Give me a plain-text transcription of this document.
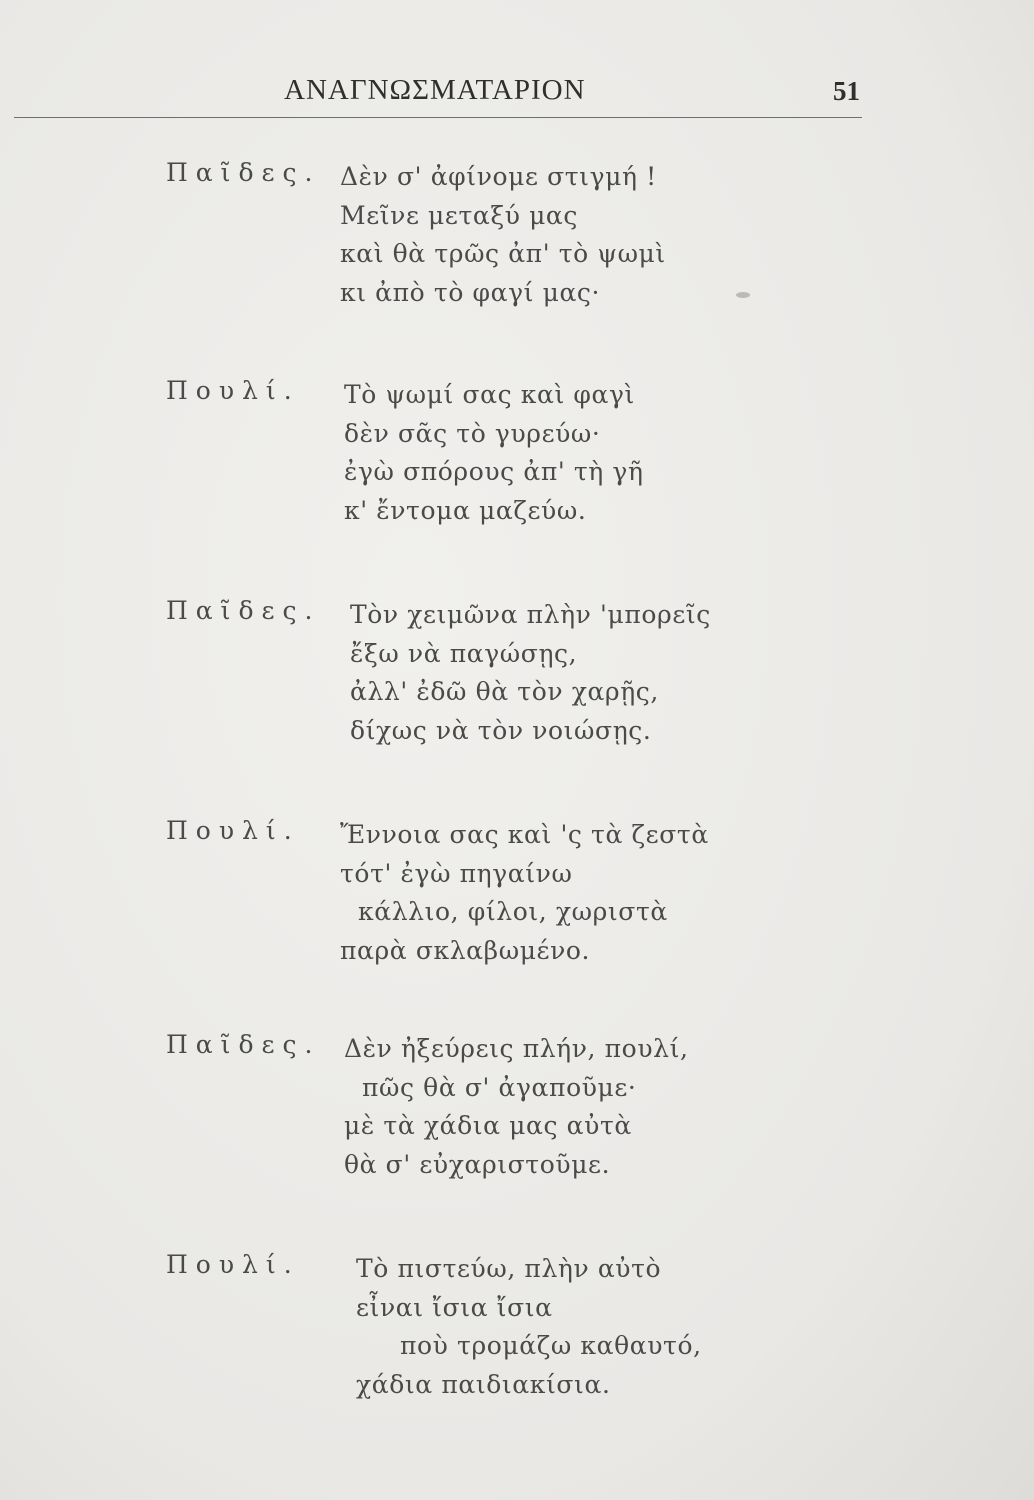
ΑΝΑΓΝΩΣΜΑΤΑΡΙΟΝ	51
Παῖδες. Δὲν σ' ἀφίνομε στιγμή !
Μεῖνε μεταξύ μας
καὶ θὰ τρῶς ἀπ' τὸ ψωμὶ
κι ἀπὸ τὸ φαγί μας·
Πουλί. Τὸ ψωμί σας καὶ φαγὶ
δὲν σᾶς τὸ γυρεύω·
ἐγὼ σπόρους ἀπ' τὴ γῆ
κ' ἔντομα μαζεύω.
Παῖδες. Τὸν χειμῶνα πλὴν 'μπορεῖς
ἔξω νὰ παγώσῃς,
ἀλλ' ἐδῶ θὰ τὸν χαρῇς,
δίχως νὰ τὸν νοιώσῃς.
Πουλί. Ἔννοια σας καὶ 'ς τὰ ζεστὰ
τότ' ἐγὼ πηγαίνω
κάλλιο, φίλοι, χωριστὰ
παρὰ σκλαβωμένο.
Παῖδες. Δὲν ἠξεύρεις πλήν, πουλί,
πῶς θὰ σ' ἀγαποῦμε·
μὲ τὰ χάδια μας αὐτὰ
θὰ σ' εὐχαριστοῦμε.
Πουλί. Τὸ πιστεύω, πλὴν αὐτὸ
εἶναι ἴσια ἴσια
ποὺ τρομάζω καθαυτό,
χάδια παιδιακίσια.
